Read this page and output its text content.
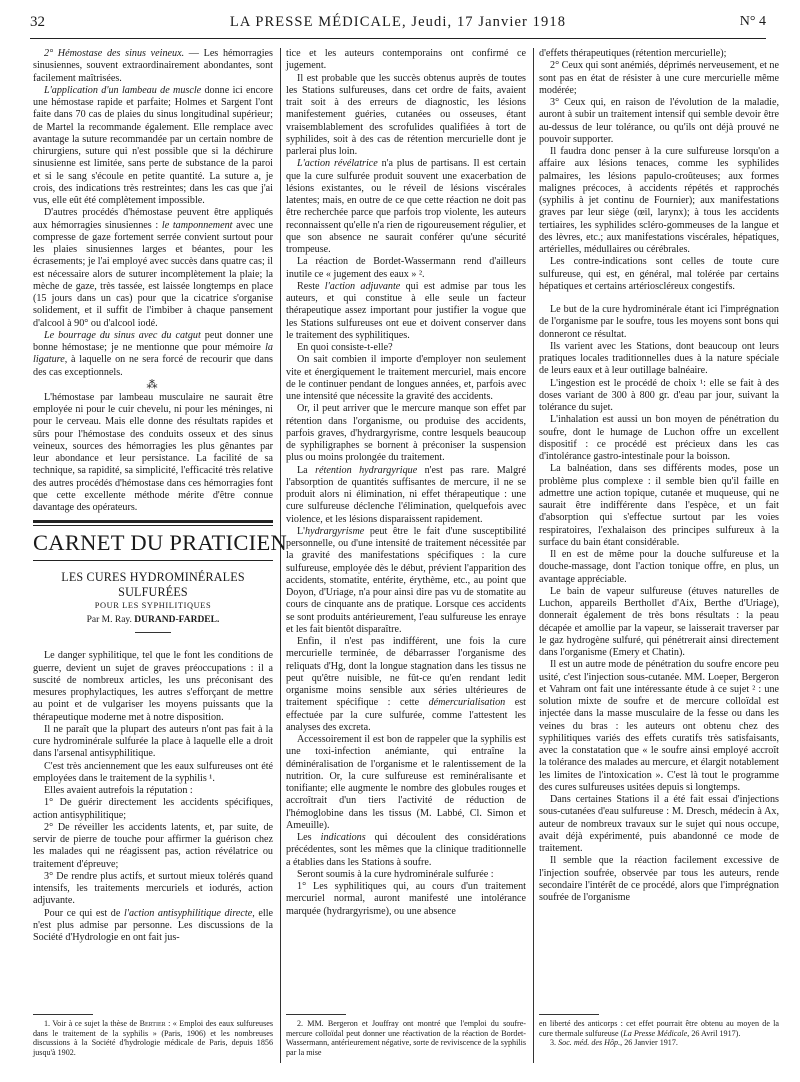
32	LA PRESSE MÉDICALE, Jeudi, 17 Janvier 1918	N° 4

2° Hémostase des sinus veineux. — Les hémorragies sinusiennes, souvent extraordinairement abondantes, sont facilement maîtrisées.

L'application d'un lambeau de muscle donne ici encore une hémostase rapide et parfaite; Holmes et Sargent l'ont faite dans 70 cas de plaies du sinus longitudinal supérieur; de Martel la recommande également. Elle remplace avec avantage la suture recommandée par un certain nombre de chirurgiens, suture qui n'est possible que si la déchirure sinusienne est limitée, sans perte de substance de la paroi et si le sang s'écoule en petite quantité. La suture a, je crois, des indications très restreintes; dans les cas que j'ai vus, elle eût été complètement impossible.

D'autres procédés d'hémostase peuvent être appliqués aux hémorragies sinusiennes : le tamponnement avec une compresse de gaze fortement serrée convient surtout pour les plaies sinusiennes larges et béantes, pour les écrasements; je l'ai employé avec succès dans quatre cas; il est nécessaire alors de suturer incomplètement la plaie; la mèche de gaze, très tassée, est laissée longtemps en place (15 jours dans un cas) pour que la cicatrice s'organise solidement, et il suffit de l'imbiber à chaque pansement d'alcool à 90° ou d'alcool iodé.

Le bourrage du sinus avec du catgut peut donner une bonne hémostase; je ne mentionne que pour mémoire la ligature, à laquelle on ne sera forcé de recourir que dans des cas exceptionnels.

⁂

L'hémostase par lambeau musculaire ne saurait être employée ni pour le cuir chevelu, ni pour les méninges, ni pour le cerveau. Mais elle donne des résultats rapides et sûrs pour l'hémostase des conduits osseux et des sinus veineux, sources des hémorragies les plus gênantes par leur abondance et leur persistance. La facilité de sa technique, sa rapidité, sa simplicité, l'efficacité très relative des autres procédés d'hémostase dans ces hémorragies font que cette excellente méthode mérite d'être connue davantage des opérateurs.

CARNET DU PRATICIEN
LES CURES HYDROMINÉRALES SULFURÉES
POUR LES SYPHILITIQUES
Par M. Ray. DURAND-FARDEL.

Le danger syphilitique, tel que le font les conditions de guerre, devient un sujet de graves préoccupations : il a suscité de nombreux articles, les uns préconisant des mesures prophylactiques, les autres s'efforçant de mettre au point et de vulgariser les moyens puissants que la thérapeutique moderne met à notre disposition.

Il ne paraît que la plupart des auteurs n'ont pas fait à la cure hydrominérale sulfurée la place à laquelle elle a droit dans l'arsenal antisyphilitique.

C'est très anciennement que les eaux sulfureuses ont été employées dans le traitement de la syphilis ¹.

Elles avaient autrefois la réputation :

1° De guérir directement les accidents spécifiques, action antisyphilitique;

2° De réveiller les accidents latents, et, par suite, de servir de pierre de touche pour affirmer la guérison chez les malades qui ne réagissent pas, action révélatrice ou traitement d'épreuve;

3° De rendre plus actifs, et surtout mieux tolérés quand intensifs, les traitements mercuriels et iodurés, action adjuvante.

Pour ce qui est de l'action antisyphilitique directe, elle n'est plus admise par personne. Les discussions de la Société d'Hydrologie en ont fait jus-

tice et les auteurs contemporains ont confirmé ce jugement.

Il est probable que les succès obtenus auprès de toutes les Stations sulfureuses, dans cet ordre de faits, avaient trait soit à des erreurs de diagnostic, les lésions manifestement guéries, cutanées ou osseuses, étant vraisemblablement des scrofulides qualifiées à tort de syphilides, soit à des cas de rétention mercurielle dont je parlerai plus loin.

L'action révélatrice n'a plus de partisans. Il est certain que la cure sulfurée produit souvent une exacerbation de lésions existantes, ou le réveil de lésions viscérales latentes; mais, en outre de ce que cette réaction ne doit pas être recherchée parce que parfois trop violente, les auteurs reconnaissent qu'elle n'a rien de rigoureusement régulier, et que son absence ne saurait conférer qu'une sécurité trompeuse.

La réaction de Bordet-Wassermann rend d'ailleurs inutile ce « jugement des eaux » ².

Reste l'action adjuvante qui est admise par tous les auteurs, et qui constitue à elle seule un facteur thérapeutique assez important pour justifier la vogue que les Stations sulfureuses ont eue et doivent conserver dans le traitement des syphilitiques.

En quoi consiste-t-elle?

On sait combien il importe d'employer non seulement vite et énergiquement le traitement mercuriel, mais encore de le continuer pendant de longues années, et, parfois avec une intensité que nécessite la gravité des accidents.

Or, il peut arriver que le mercure manque son effet par rétention dans l'organisme, ou produise des accidents, parfois graves, d'hydrargyrisme, contre lesquels beaucoup de syphiligraphes se bornent à préconiser la suspension plus ou moins prolongée du traitement.

La rétention hydrargyrique n'est pas rare. Malgré l'absorption de quantités suffisantes de mercure, il ne se produit alors ni élimination, ni effet thérapeutique : une cure sulfureuse déclenche l'élimination, quelquefois avec violence, et les lésions disparaissent rapidement.

L'hydrargyrisme peut être le fait d'une susceptibilité personnelle, ou d'une intensité de traitement nécessitée par la gravité des manifestations spécifiques : la cure sulfureuse, employée dès le début, prévient l'apparition des accidents, stomatite, entérite, érythème, etc., au point que Doyon, d'Uriage, n'a pour ainsi dire pas vu de stomatite au cours de cinquante ans de pratique. Lorsque ces accidents se sont produits antérieurement, l'eau sulfureuse les enraye et les fait bientôt disparaître.

Enfin, il n'est pas indifférent, une fois la cure mercurielle terminée, de débarrasser l'organisme des reliquats d'Hg, dont la longue stagnation dans les tissus ne peut qu'être nuisible, ne fût-ce qu'en rendant ledit organisme moins sensible aux séries ultérieures de traitement spécifique : cette démercurialisation est effectuée par la cure sulfurée, comme l'attestent les analyses des excreta.

Accessoirement il est bon de rappeler que la syphilis est une toxi-infection anémiante, qui entraîne la déminéralisation de l'organisme et le ralentissement de la nutrition. Or, la cure sulfureuse est reminéralisante et tonifiante; elle augmente le nombre des globules rouges et accroîtrait d'un tiers l'activité de réduction de l'hémoglobine dans les tissus (M. Labbé, Cl. Simon et Ameuille).

Les indications qui découlent des considérations précédentes, sont les mêmes que la clinique traditionnelle a établies dans les Stations à soufre.

Seront soumis à la cure hydrominérale sulfurée :

1° Les syphilitiques qui, au cours d'un traitement mercuriel normal, auront manifesté une intolérance marquée (hydrargyrisme), ou une absence

d'effets thérapeutiques (rétention mercurielle);

2° Ceux qui sont anémiés, déprimés nerveusement, et ne sont pas en état de résister à une cure mercurielle même modérée;

3° Ceux qui, en raison de l'évolution de la maladie, auront à subir un traitement intensif qui semble devoir être au-dessus de leur tolérance, ou qu'ils ont déjà prouvé ne pouvoir supporter.

Il faudra donc penser à la cure sulfureuse lorsqu'on a affaire aux lésions tenaces, comme les syphilides palmaires, les lésions papulo-croûteuses; aux formes malignes précoces, à accidents répétés et rapprochés (syphilis à jet continu de Fournier); aux manifestations graves par leur siège (œil, larynx); à tous les accidents tertiaires, les syphilides scléro-gommeuses de la langue et des lèvres, etc.; aux manifestations viscérales, hépatiques, artérielles, médullaires ou cérébrales.

Les contre-indications sont celles de toute cure sulfureuse, qui est, en général, mal tolérée par certains hépatiques et certains artérioscléreux congestifs.

Le but de la cure hydrominérale étant ici l'imprégnation de l'organisme par le soufre, tous les moyens sont bons qui donneront ce résultat.

Ils varient avec les Stations, dont beaucoup ont leurs pratiques locales traditionnelles dues à la nature spéciale de leurs eaux et à leur outillage balnéaire.

L'ingestion est le procédé de choix ¹: elle se fait à des doses variant de 300 à 800 gr. d'eau par jour, suivant la tolérance du sujet.

L'inhalation est aussi un bon moyen de pénétration du soufre, dont le humage de Luchon offre un excellent dispositif : ce procédé est précieux dans les cas d'intolérance gastro-intestinale pour la boisson.

La balnéation, dans ses différents modes, pose un problème plus complexe : il semble bien qu'il faille en admettre une action topique, cutanée et muqueuse, qui ne saurait être indifférente dans l'espèce, et un fait d'absorption qui s'effectue surtout par les voies respiratoires, l'exhalaison des principes sulfureux à la surface du bain étant considérable.

Il en est de même pour la douche sulfureuse et la douche-massage, dont l'action tonique offre, en plus, un avantage appréciable.

Le bain de vapeur sulfureuse (étuves naturelles de Luchon, appareils Berthollet d'Aix, Berthe d'Uriage), donnerait également de très bons résultats : la peau décapée et amollie par la vapeur, se laisserait traverser par le gaz hydrogène sulfuré, qui pénétrerait ainsi directement dans l'organisme (Emery et Chatin).

Il est un autre mode de pénétration du soufre encore peu usité, c'est l'injection sous-cutanée. MM. Loeper, Bergeron et Vahram ont fait une intéressante étude à ce sujet ² : une solution mixte de soufre et de mercure colloïdal est injectée dans la masse musculaire de la fesse ou dans les veines du bras : les auteurs ont obtenu chez des syphilitiques variés des effets curatifs très satisfaisants, avec la constatation que « le soufre ainsi employé accroît la tolérance des malades au mercure, et élargit notablement les limites de l'intoxication ». C'est là tout le programme des cures sulfureuses usitées depuis si longtemps.

Dans certaines Stations il a été fait essai d'injections sous-cutanées d'eau sulfureuse : M. Dresch, médecin à Ax, auteur de nombreux travaux sur le sujet qui nous occupe, avait déjà expérimenté, puis abandonné ce mode de traitement.

Il semble que la réaction facilement excessive de l'injection soufrée, observée par tous les auteurs, rende secondaire l'intérêt de ce procédé, alors que l'imprégnation soufrée de l'organisme

1. Voir à ce sujet la thèse de Bertier : « Emploi des eaux sulfureuses dans le traitement de la syphilis » (Paris, 1906) et les nombreuses discussions à la Société d'hydrologie médicale de Paris, depuis 1856 jusqu'à 1902.

2. MM. Bergeron et Jouffray ont montré que l'emploi du soufre-mercure colloïdal peut donner une réactivation de la réaction de Bordet-Wassermann, antérieurement négative, sorte de reviviscence de la syphilis par la mise

en liberté des anticorps : cet effet pourrait être obtenu au moyen de la cure thermale sulfureuse (La Presse Médicale, 26 Avril 1917).

3. Soc. méd. des Hôp., 26 Janvier 1917.
